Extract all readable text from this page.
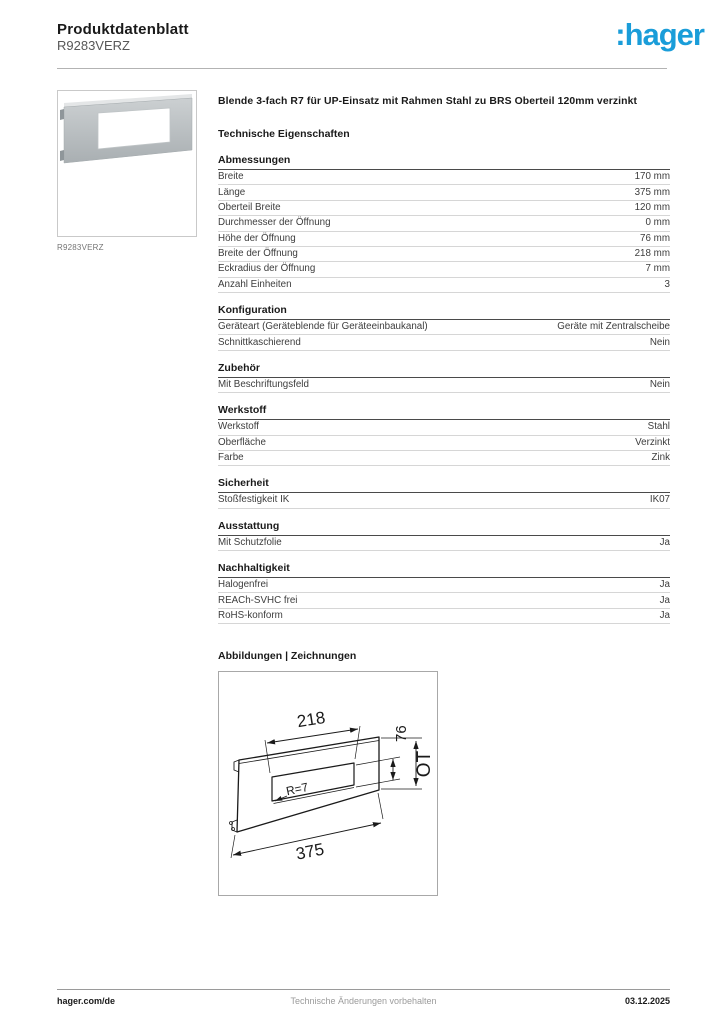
Produktdatenblatt
R9283VERZ	:hager
R9283VERZ
Blende 3-fach R7 für UP-Einsatz mit Rahmen Stahl zu BRS Oberteil 120mm verzinkt
Technische Eigenschaften
Abmessungen
Breite	170 mm
Länge	375 mm
Oberteil Breite	120 mm
Durchmesser der Öffnung	0 mm
Höhe der Öffnung	76 mm
Breite der Öffnung	218 mm
Eckradius der Öffnung	7 mm
Anzahl Einheiten	3
Konfiguration
Geräteart (Geräteblende für Geräteeinbaukanal)	Geräte mit Zentralscheibe
Schnittkaschierend	Nein
Zubehör
Mit Beschriftungsfeld	Nein
Werkstoff
Werkstoff	Stahl
Oberfläche	Verzinkt
Farbe	Zink
Sicherheit
Stoßfestigkeit IK	IK07
Ausstattung
Mit Schutzfolie	Ja
Nachhaltigkeit
Halogenfrei	Ja
REACh-SVHC frei	Ja
RoHS-konform	Ja
Abbildungen | Zeichnungen
218
76
OT
R=7
375
hager.com/de	Technische Änderungen vorbehalten	03.12.2025
